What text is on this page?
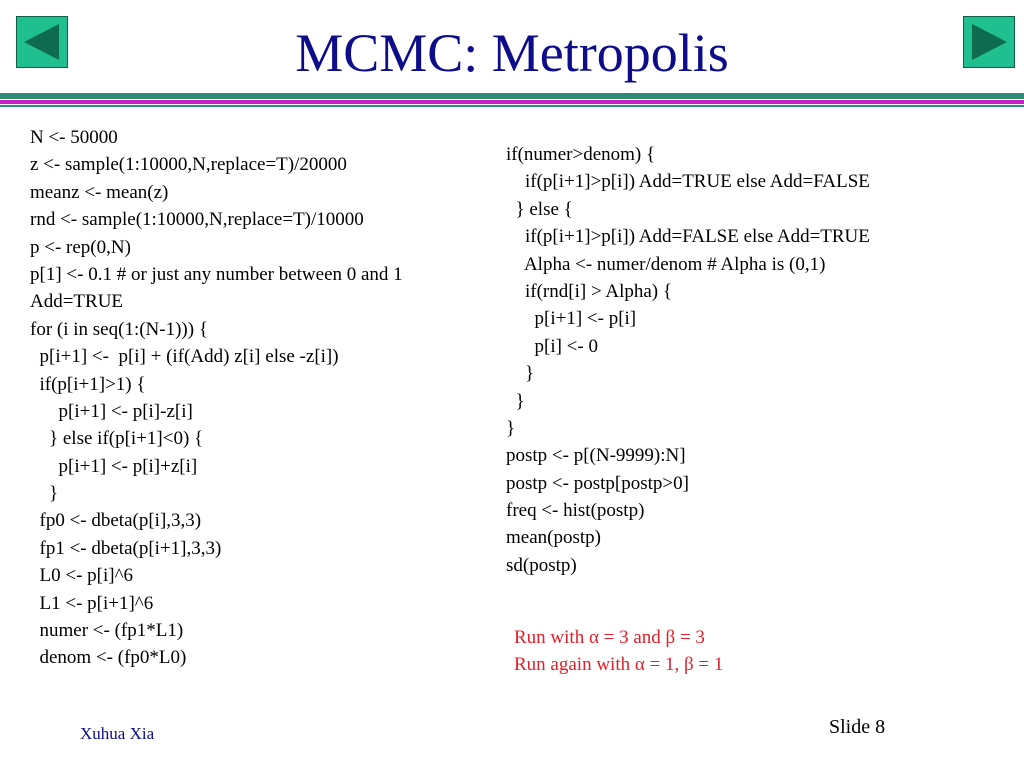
MCMC: Metropolis
N <- 50000
z <- sample(1:10000,N,replace=T)/20000
meanz <- mean(z)
rnd <- sample(1:10000,N,replace=T)/10000
p <- rep(0,N)
p[1] <- 0.1 # or just any number between 0 and 1
Add=TRUE
for (i in seq(1:(N-1))) {
p[i+1] <-  p[i] + (if(Add) z[i] else -z[i])
if(p[i+1]>1) {
p[i+1] <- p[i]-z[i]
} else if(p[i+1]<0) {
p[i+1] <- p[i]+z[i]
}
fp0 <- dbeta(p[i],3,3)
fp1 <- dbeta(p[i+1],3,3)
L0 <- p[i]^6
L1 <- p[i+1]^6
numer <- (fp1*L1)
denom <- (fp0*L0)
if(numer>denom) {
if(p[i+1]>p[i]) Add=TRUE else Add=FALSE
} else {
if(p[i+1]>p[i]) Add=FALSE else Add=TRUE
Alpha <- numer/denom # Alpha is (0,1)
if(rnd[i] > Alpha) {
p[i+1] <- p[i]
p[i] <- 0
}
}
}
postp <- p[(N-9999):N]
postp <- postp[postp>0]
freq <- hist(postp)
mean(postp)
sd(postp)
Run with α = 3 and β = 3
Run again with α = 1, β = 1
Xuhua Xia	Slide 8
